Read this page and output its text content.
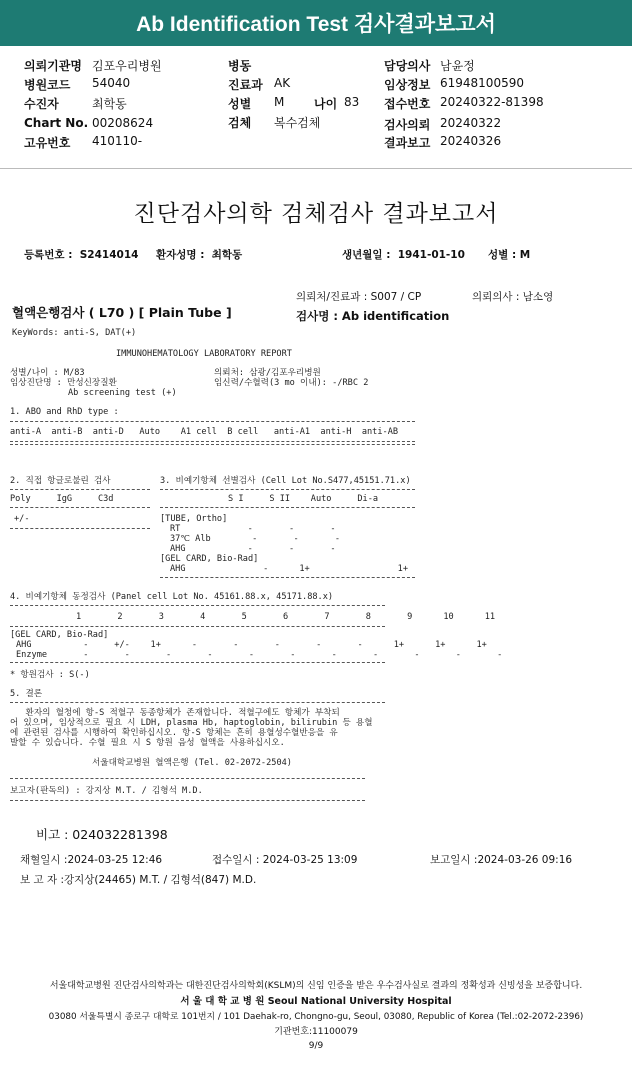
Ab Identification Test 검사결과보고서
의뢰기관명 김포우리병원
병원코드 54040
수진자	최학동
Chart No. 00208624
고유번호 410110-
병동
진료과 AK
성별 M 나이 83
검체 복수검체
담당의사 남윤정
임상정보 61948100590
접수번호 20240322-81398
검사의뢰 20240322
결과보고 20240326
진단검사의학 검체검사 결과보고서
등록번호 :  S2414014 환자성명 :  최학동	생년월일 :  1941-01-10 성별 : M
의뢰처/진료과 : S007 / CP	의뢰의사 : 남소영
혈액은행검사 ( L70 ) [ Plain Tube ]	검사명 : Ab identification
KeyWords: anti-S, DAT(+)
IMMUNOHEMATOLOGY LABORATORY REPORT
성별/나이 : M/83
임상진단명 : 만성신장질환
Ab screening test (+)
의뢰처: 삼광/김포우리병원
임신력/수혈력(3 mo 이내): -/RBC 2
1. ABO and RhD type :
anti-A  anti-B  anti-D   Auto    A1 cell  B cell   anti-A1  anti-H  anti-AB
2. 직접 항글로불린 검사
Poly     IgG     C3d
+/-
3. 비예기항체 선별검사 (Cell Lot No.S477,45151.71.x)
S I     S II    Auto     Di-a
[TUBE, Ortho]
RT             -       -       -
37℃ Alb        -       -       -
AHG            -       -       -
[GEL CARD, Bio-Rad]
AHG               -      1+                 1+
4. 비예기항체 동정검사 (Panel cell Lot No. 45161.88.x, 45171.88.x)
1       2       3       4       5       6       7       8       9      10      11
[GEL CARD, Bio-Rad]
AHG          -     +/-    1+      -       -       -       -       -      1+      1+      1+
Enzyme       -       -       -       -       -       -       -       -       -       -       -
* 항원검사 : S(-)
5. 결론
환자의 혈청에 항-S 적혈구 동종항체가 존재합니다. 적혈구에도 항체가 부착되
어 있으며, 임상적으로 필요 시 LDH, plasma Hb, haptoglobin, bilirubin 등 용혈
에 관련된 검사를 시행하여 확인하십시오. 항-S 항체는 흔히 용혈성수혈반응을 유
발할 수 있습니다. 수혈 필요 시 S 항원 음성 혈액을 사용하십시오.
서울대학교병원 혈액은행 (Tel. 02-2072-2504)
보고자(판독의) : 강지상 M.T. / 김형석 M.D.
비고 : 024032281398
채혈일시 :2024-03-25 12:46	접수일시 : 2024-03-25 13:09	보고일시 :2024-03-26 09:16
보 고 자 :강지상(24465) M.T. / 김형석(847) M.D.
서울대학교병원 진단검사의학과는 대한진단검사의학회(KSLM)의 신임 인증을 받은 우수검사실로 결과의 정확성과 신빙성을 보증합니다.
서 울 대 학 교 병 원 Seoul National University Hospital
03080 서울특별시 종로구 대학로 101번지 / 101 Daehak-ro, Chongno-gu, Seoul, 03080, Republic of Korea (Tel.:02-2072-2396)
기관번호:11100079
9/9
